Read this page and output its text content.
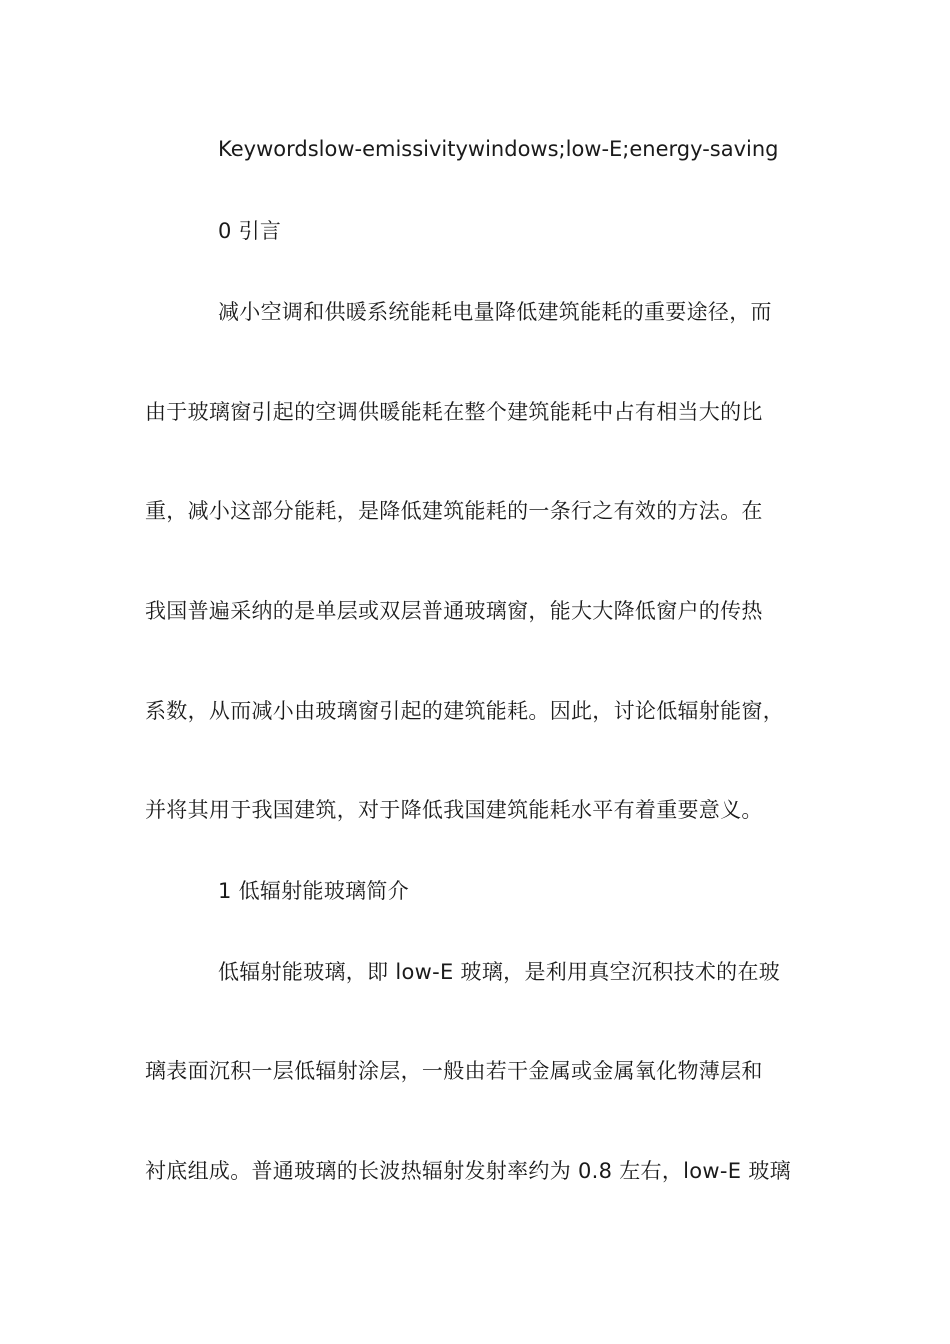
Keywordslow-emissivitywindows;low-E;energy-saving
0 引言
减小空调和供暖系统能耗电量降低建筑能耗的重要途径，而
由于玻璃窗引起的空调供暖能耗在整个建筑能耗中占有相当大的比
重，减小这部分能耗，是降低建筑能耗的一条行之有效的方法。在
我国普遍采纳的是单层或双层普通玻璃窗，能大大降低窗户的传热
系数，从而减小由玻璃窗引起的建筑能耗。因此，讨论低辐射能窗，
并将其用于我国建筑，对于降低我国建筑能耗水平有着重要意义。
1 低辐射能玻璃简介
低辐射能玻璃，即 low-E 玻璃，是利用真空沉积技术的在玻
璃表面沉积一层低辐射涂层，一般由若干金属或金属氧化物薄层和
衬底组成。普通玻璃的长波热辐射发射率约为 0.8 左右，low-E 玻璃
